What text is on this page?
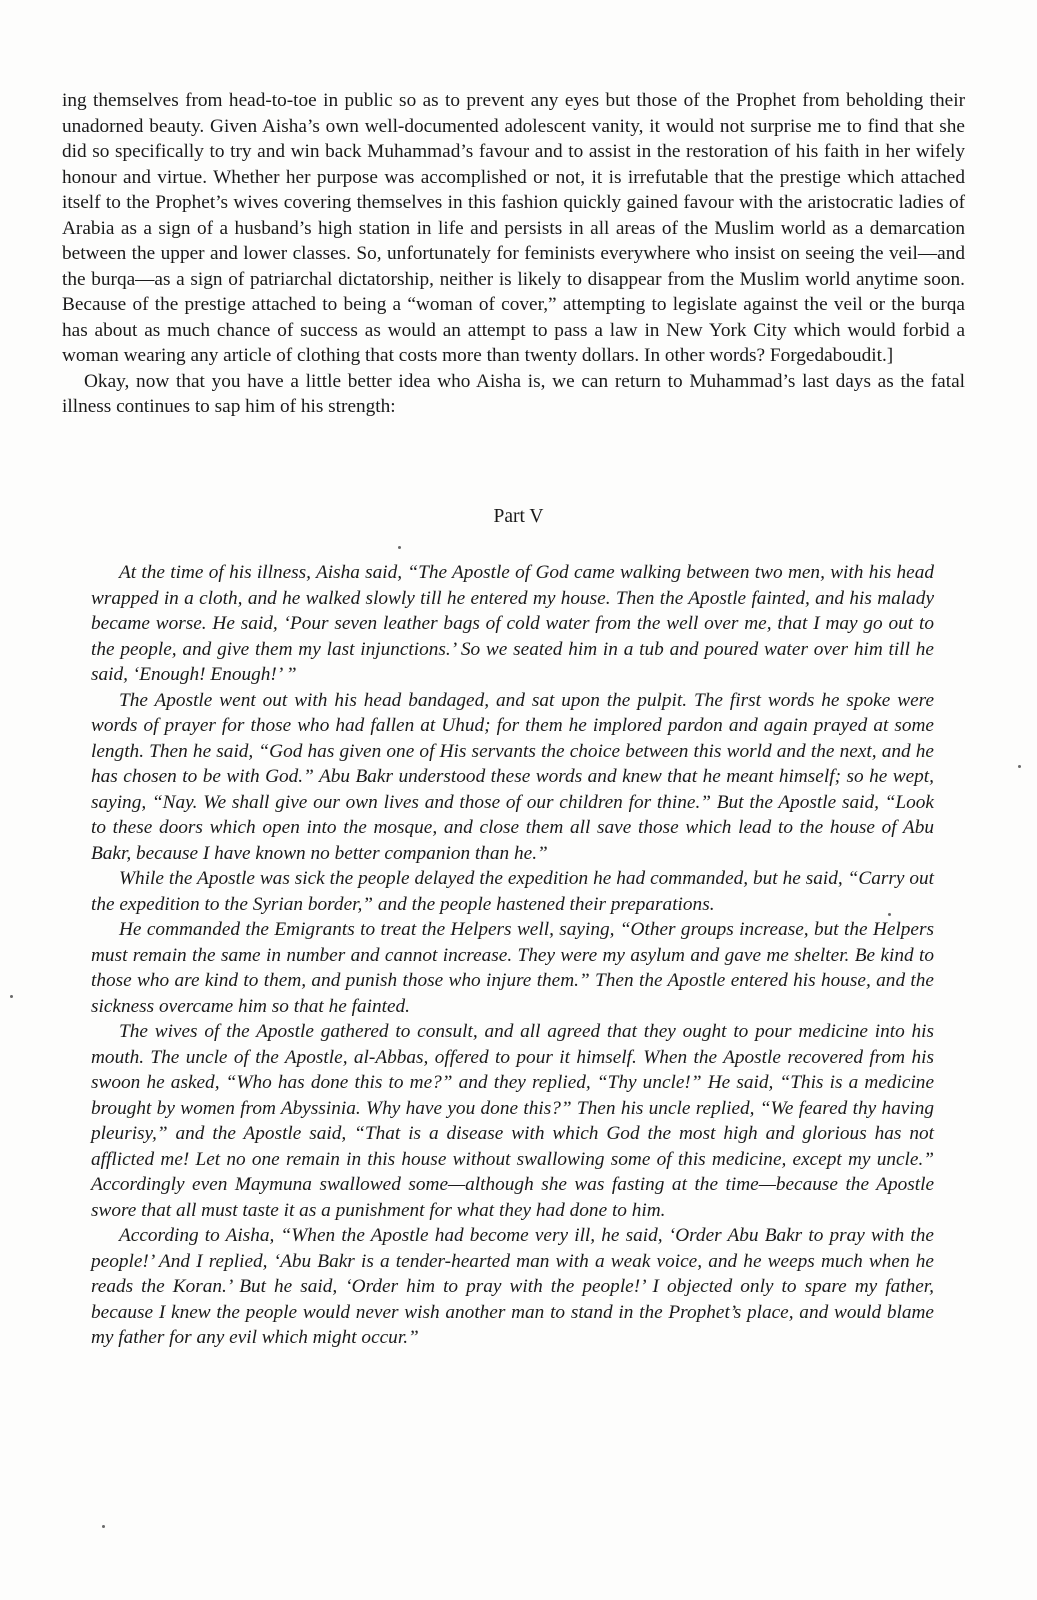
ing themselves from head-to-toe in public so as to prevent any eyes but those of the Prophet from beholding their unadorned beauty. Given Aisha’s own well-documented adolescent vanity, it would not surprise me to find that she did so specifically to try and win back Muhammad’s favour and to assist in the restoration of his faith in her wifely honour and virtue. Whether her purpose was accomplished or not, it is irrefutable that the prestige which attached itself to the Prophet’s wives covering themselves in this fashion quickly gained favour with the aristocratic ladies of Arabia as a sign of a husband’s high station in life and persists in all areas of the Muslim world as a demarcation between the upper and lower classes. So, unfortunately for feminists everywhere who insist on seeing the veil—and the burqa—as a sign of patriarchal dictatorship, neither is likely to disappear from the Muslim world anytime soon. Because of the prestige attached to being a “woman of cover,” attempting to legislate against the veil or the burqa has about as much chance of success as would an attempt to pass a law in New York City which would forbid a woman wearing any article of clothing that costs more than twenty dollars. In other words? Forgedaboudit.]

Okay, now that you have a little better idea who Aisha is, we can return to Muhammad’s last days as the fatal illness continues to sap him of his strength:

Part V

At the time of his illness, Aisha said, “The Apostle of God came walking between two men, with his head wrapped in a cloth, and he walked slowly till he entered my house. Then the Apostle fainted, and his malady became worse. He said, ‘Pour seven leather bags of cold water from the well over me, that I may go out to the people, and give them my last injunctions.’ So we seated him in a tub and poured water over him till he said, ‘Enough! Enough!’ ”

The Apostle went out with his head bandaged, and sat upon the pulpit. The first words he spoke were words of prayer for those who had fallen at Uhud; for them he implored pardon and again prayed at some length. Then he said, “God has given one of His servants the choice between this world and the next, and he has chosen to be with God.” Abu Bakr understood these words and knew that he meant himself; so he wept, saying, “Nay. We shall give our own lives and those of our children for thine.” But the Apostle said, “Look to these doors which open into the mosque, and close them all save those which lead to the house of Abu Bakr, because I have known no better companion than he.”

While the Apostle was sick the people delayed the expedition he had commanded, but he said, “Carry out the expedition to the Syrian border,” and the people hastened their preparations.

He commanded the Emigrants to treat the Helpers well, saying, “Other groups increase, but the Helpers must remain the same in number and cannot increase. They were my asylum and gave me shelter. Be kind to those who are kind to them, and punish those who injure them.” Then the Apostle entered his house, and the sickness overcame him so that he fainted.

The wives of the Apostle gathered to consult, and all agreed that they ought to pour medicine into his mouth. The uncle of the Apostle, al-Abbas, offered to pour it himself. When the Apostle recovered from his swoon he asked, “Who has done this to me?” and they replied, “Thy uncle!” He said, “This is a medicine brought by women from Abyssinia. Why have you done this?” Then his uncle replied, “We feared thy having pleurisy,” and the Apostle said, “That is a disease with which God the most high and glorious has not afflicted me! Let no one remain in this house without swallowing some of this medicine, except my uncle.” Accordingly even Maymuna swallowed some—although she was fasting at the time—because the Apostle swore that all must taste it as a punishment for what they had done to him.

According to Aisha, “When the Apostle had become very ill, he said, ‘Order Abu Bakr to pray with the people!’ And I replied, ‘Abu Bakr is a tender-hearted man with a weak voice, and he weeps much when he reads the Koran.’ But he said, ‘Order him to pray with the people!’ I objected only to spare my father, because I knew the people would never wish another man to stand in the Prophet’s place, and would blame my father for any evil which might occur.”
